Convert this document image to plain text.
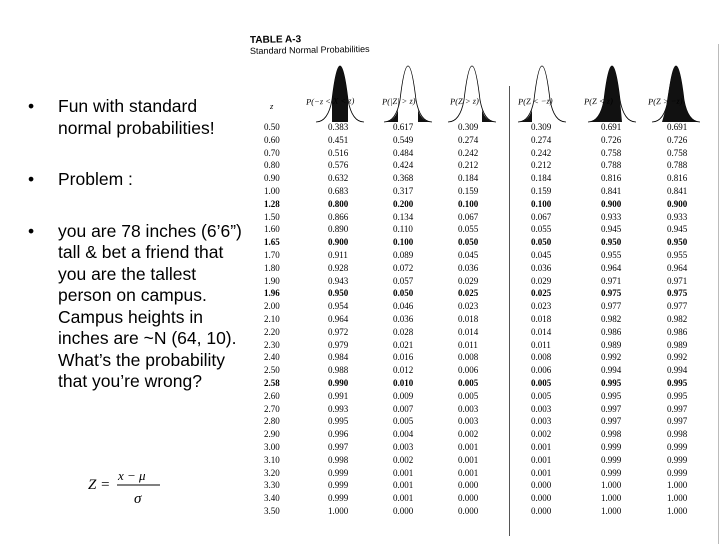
• Fun with standard normal probabilities!
• Problem :
• you are 78 inches (6’6”) tall & bet a friend that you are the tallest person on campus. Campus heights in inches are ~N (64, 10). What’s the probability that you’re wrong?
Z =
x − μ
σ
TABLE A-3
Standard Normal Probabilities
z	P(−z < X < z)	P(|Z| > z)	P(Z > z)	P(Z < −z)	P(Z < z)	P(Z > −z)
0.50	0.383	0.617	0.309	0.309	0.691	0.691
0.60	0.451	0.549	0.274	0.274	0.726	0.726
0.70	0.516	0.484	0.242	0.242	0.758	0.758
0.80	0.576	0.424	0.212	0.212	0.788	0.788
0.90	0.632	0.368	0.184	0.184	0.816	0.816
1.00	0.683	0.317	0.159	0.159	0.841	0.841
1.28	0.800	0.200	0.100	0.100	0.900	0.900
1.50	0.866	0.134	0.067	0.067	0.933	0.933
1.60	0.890	0.110	0.055	0.055	0.945	0.945
1.65	0.900	0.100	0.050	0.050	0.950	0.950
1.70	0.911	0.089	0.045	0.045	0.955	0.955
1.80	0.928	0.072	0.036	0.036	0.964	0.964
1.90	0.943	0.057	0.029	0.029	0.971	0.971
1.96	0.950	0.050	0.025	0.025	0.975	0.975
2.00	0.954	0.046	0.023	0.023	0.977	0.977
2.10	0.964	0.036	0.018	0.018	0.982	0.982
2.20	0.972	0.028	0.014	0.014	0.986	0.986
2.30	0.979	0.021	0.011	0.011	0.989	0.989
2.40	0.984	0.016	0.008	0.008	0.992	0.992
2.50	0.988	0.012	0.006	0.006	0.994	0.994
2.58	0.990	0.010	0.005	0.005	0.995	0.995
2.60	0.991	0.009	0.005	0.005	0.995	0.995
2.70	0.993	0.007	0.003	0.003	0.997	0.997
2.80	0.995	0.005	0.003	0.003	0.997	0.997
2.90	0.996	0.004	0.002	0.002	0.998	0.998
3.00	0.997	0.003	0.001	0.001	0.999	0.999
3.10	0.998	0.002	0.001	0.001	0.999	0.999
3.20	0.999	0.001	0.001	0.001	0.999	0.999
3.30	0.999	0.001	0.000	0.000	1.000	1.000
3.40	0.999	0.001	0.000	0.000	1.000	1.000
3.50	1.000	0.000	0.000	0.000	1.000	1.000
